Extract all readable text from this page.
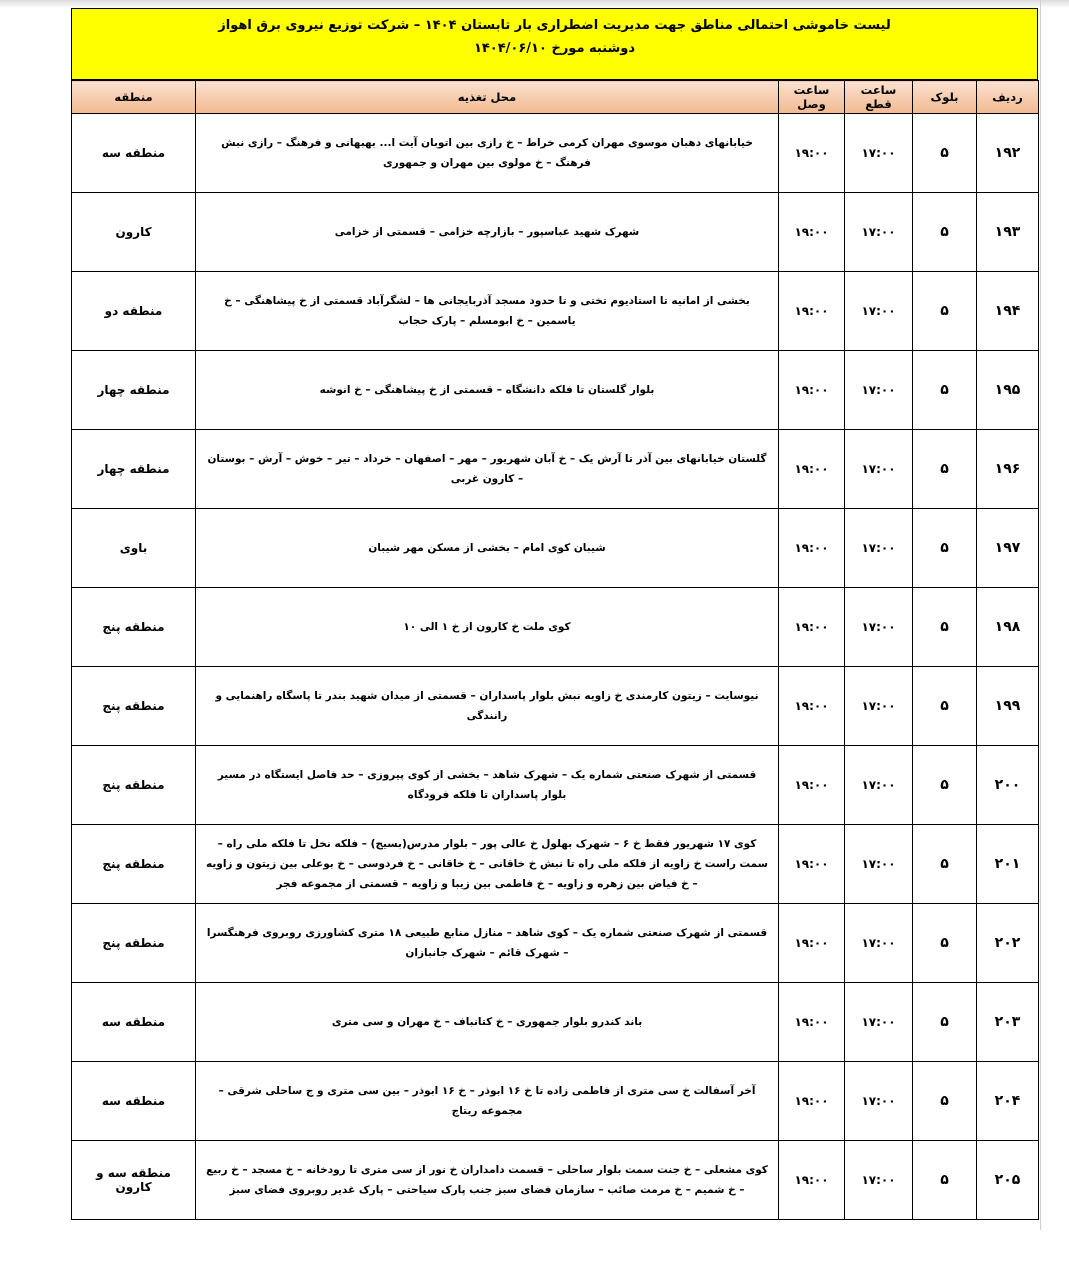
لیست خاموشی احتمالی مناطق جهت مدیریت اضطراری بار تابستان ۱۴۰۴ – شرکت توزیع نیروی برق اهواز
دوشنبه مورخ ۱۴۰۴/۰۶/۱۰
ردیف	بلوک	ساعت قطع	ساعت وصل	محل تغذیه	منطقه
۱۹۲	۵	۱۷:۰۰	۱۹:۰۰	خیابانهای دهبان موسوی مهران کرمی خراط – خ رازی بین اتوبان آیت ا... بهبهانی و فرهنگ – رازی نبش فرهنگ – خ مولوی بین مهران و جمهوری	منطقه سه
۱۹۳	۵	۱۷:۰۰	۱۹:۰۰	شهرک شهید عباسپور – بازارچه خزامی – قسمتی از خزامی	کارون
۱۹۴	۵	۱۷:۰۰	۱۹:۰۰	بخشی از امانیه تا استادیوم تختی و تا حدود مسجد آذربایجانی ها – لشگرآباد قسمتی از خ پیشاهنگی – خ یاسمین – خ ابومسلم – پارک حجاب	منطقه دو
۱۹۵	۵	۱۷:۰۰	۱۹:۰۰	بلوار گلستان تا فلکه دانشگاه – قسمتی از خ پیشاهنگی – خ انوشه	منطقه چهار
۱۹۶	۵	۱۷:۰۰	۱۹:۰۰	گلستان خیابانهای بین آذر تا آرش یک – خ آبان شهریور – مهر – اصفهان – خرداد – تیر – خوش – آرش – بوستان – کارون غربی	منطقه چهار
۱۹۷	۵	۱۷:۰۰	۱۹:۰۰	شیبان کوی امام – بخشی از مسکن مهر شیبان	باوی
۱۹۸	۵	۱۷:۰۰	۱۹:۰۰	کوی ملت خ کارون از خ ۱ الی ۱۰	منطقه پنج
۱۹۹	۵	۱۷:۰۰	۱۹:۰۰	نیوسایت – زیتون کارمندی خ زاویه نبش بلوار پاسداران – قسمتی از میدان شهید بندر تا پاسگاه راهنمایی و رانندگی	منطقه پنج
۲۰۰	۵	۱۷:۰۰	۱۹:۰۰	قسمتی از شهرک صنعتی شماره یک – شهرک شاهد – بخشی از کوی پیروزی – حد فاصل ایستگاه در مسیر بلوار پاسداران تا فلکه فرودگاه	منطقه پنج
۲۰۱	۵	۱۷:۰۰	۱۹:۰۰	کوی ۱۷ شهریور فقط خ ۶ – شهرک بهلول خ عالی پور – بلوار مدرس(بسیج) – فلکه نخل تا فلکه ملی راه –سمت راست خ زاویه از فلکه ملی راه تا نبش خ خاقانی – خ خاقانی – خ فردوسی – خ بوعلی بین زیتون و زاویه – خ فیاض بین زهره و زاویه – خ فاطمی بین زیبا و زاویه – قسمتی از مجموعه فجر	منطقه پنج
۲۰۲	۵	۱۷:۰۰	۱۹:۰۰	قسمتی از شهرک صنعتی شماره یک – کوی شاهد – منازل منابع طبیعی ۱۸ متری کشاورزی روبروی فرهنگسرا – شهرک قائم – شهرک جانبازان	منطقه پنج
۲۰۳	۵	۱۷:۰۰	۱۹:۰۰	باند کندرو بلوار جمهوری – خ کتانباف – خ مهران و سی متری	منطقه سه
۲۰۴	۵	۱۷:۰۰	۱۹:۰۰	آخر آسفالت خ سی متری از فاطمی زاده تا خ ۱۶ ابوذر – خ ۱۶ ابوذر – بین سی متری و ج ساحلی شرقی – مجموعه ریتاج	منطقه سه
۲۰۵	۵	۱۷:۰۰	۱۹:۰۰	کوی مشعلی – خ جنت سمت بلوار ساحلی – قسمت دامداران خ نور از سی متری تا رودخانه – خ مسجد – خ ربیع – خ شمیم – خ مرمت صائب – سازمان فضای سبز جنب پارک سیاحتی – پارک غدیر روبروی فضای سبز	منطقه سه و کارون
